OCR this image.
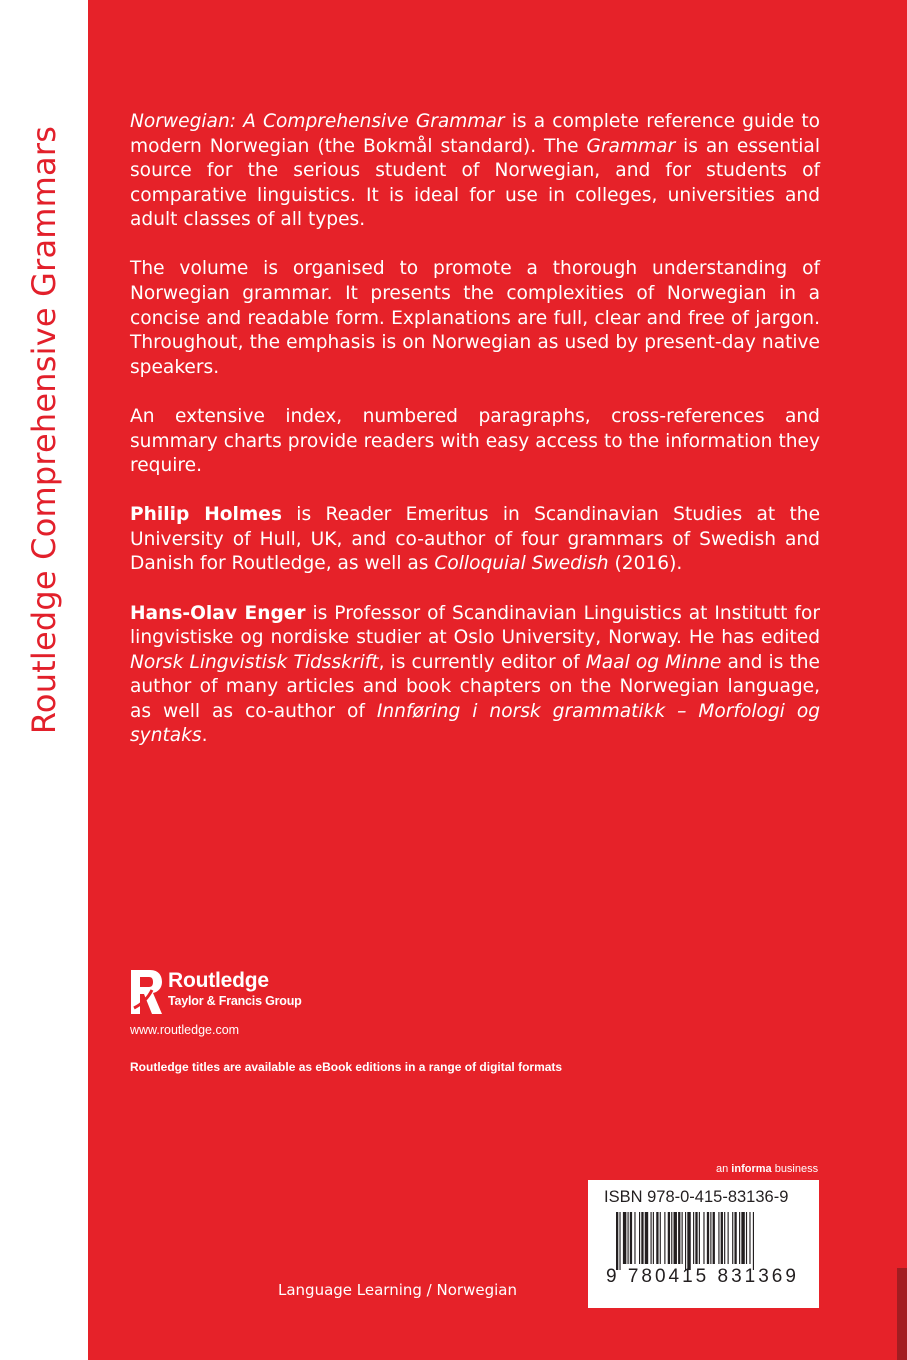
Routledge Comprehensive Grammars

Norwegian: A Comprehensive Grammar is a complete reference guide to modern Norwegian (the Bokmål standard). The Grammar is an essential source for the serious student of Norwegian, and for students of comparative linguistics. It is ideal for use in colleges, universities and adult classes of all types.

The volume is organised to promote a thorough understanding of Norwegian grammar. It presents the complexities of Norwegian in a concise and readable form. Explanations are full, clear and free of jargon. Throughout, the emphasis is on Norwegian as used by present-day native speakers.

An extensive index, numbered paragraphs, cross-references and summary charts provide readers with easy access to the information they require.

Philip Holmes is Reader Emeritus in Scandinavian Studies at the University of Hull, UK, and co-author of four grammars of Swedish and Danish for Routledge, as well as Colloquial Swedish (2016).

Hans-Olav Enger is Professor of Scandinavian Linguistics at Institutt for lingvistiske og nordiske studier at Oslo University, Norway. He has edited Norsk Lingvistisk Tidsskrift, is currently editor of Maal og Minne and is the author of many articles and book chapters on the Norwegian language, as well as co-author of Innføring i norsk grammatikk – Morfologi og syntaks.

Routledge
Taylor & Francis Group
www.routledge.com
Routledge titles are available as eBook editions in a range of digital formats
an informa business
ISBN 978-0-415-83136-9
9 780415 831369
Language Learning / Norwegian
